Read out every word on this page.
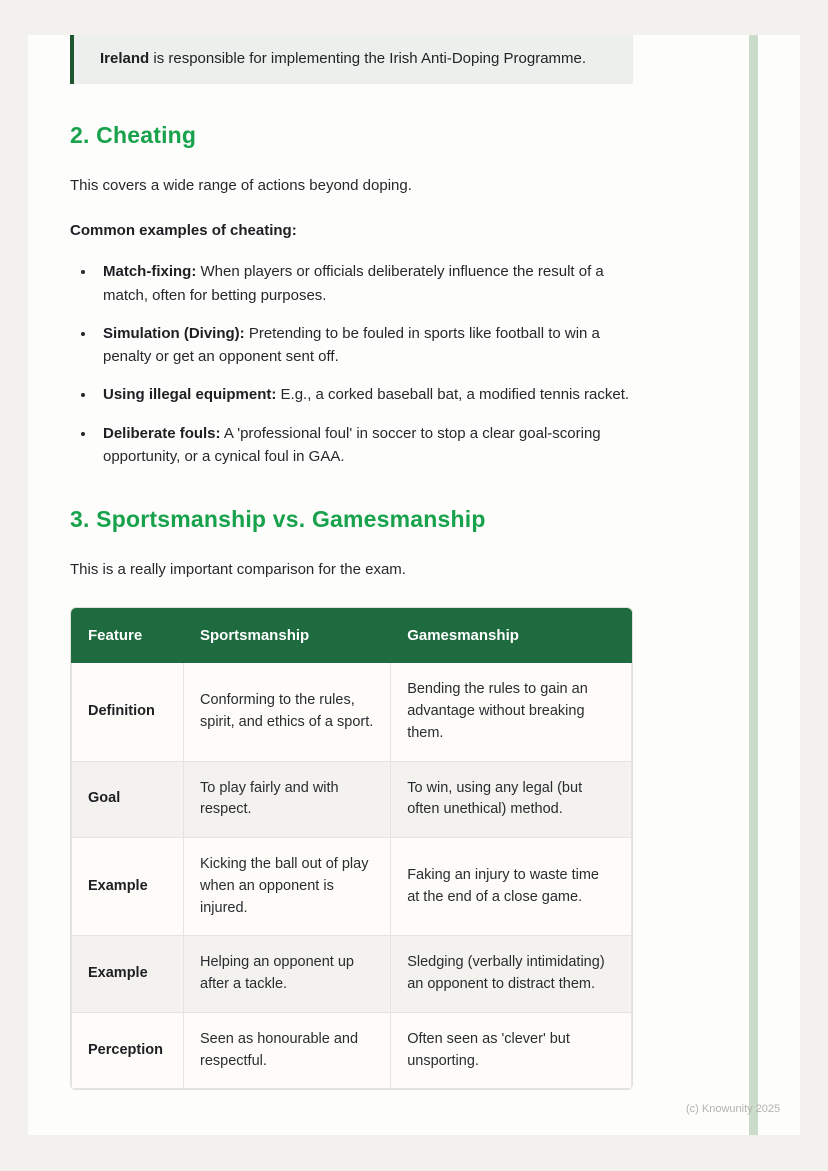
Ireland is responsible for implementing the Irish Anti-Doping Programme.
2. Cheating

This covers a wide range of actions beyond doping.

Common examples of cheating:

• Match-fixing: When players or officials deliberately influence the result of a match, often for betting purposes.
• Simulation (Diving): Pretending to be fouled in sports like football to win a penalty or get an opponent sent off.
• Using illegal equipment: E.g., a corked baseball bat, a modified tennis racket.
• Deliberate fouls: A 'professional foul' in soccer to stop a clear goal-scoring opportunity, or a cynical foul in GAA.
3. Sportsmanship vs. Gamesmanship

This is a really important comparison for the exam.

Feature	Sportsmanship	Gamesmanship
Definition	Conforming to the rules, spirit, and ethics of a sport.	Bending the rules to gain an advantage without breaking them.
Goal	To play fairly and with respect.	To win, using any legal (but often unethical) method.
Example	Kicking the ball out of play when an opponent is injured.	Faking an injury to waste time at the end of a close game.
Example	Helping an opponent up after a tackle.	Sledging (verbally intimidating) an opponent to distract them.
Perception	Seen as honourable and respectful.	Often seen as 'clever' but unsporting.
(c) Knowunity 2025
